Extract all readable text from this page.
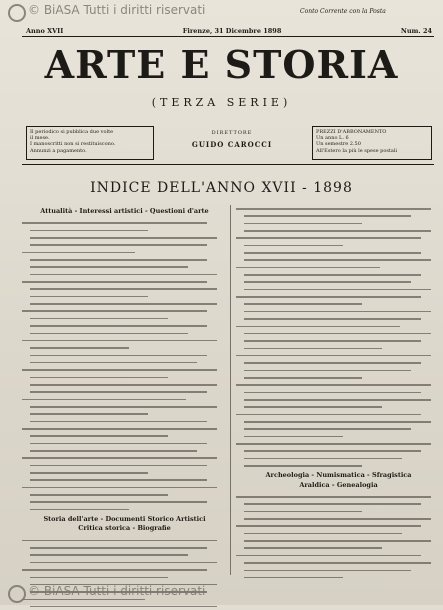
© BiASA Tutti i diritti riservati	Conto Corrente con la Posta
Anno XVII	Firenze, 31 Dicembre 1898	Num. 24
ARTE E STORIA
(TERZA SERIE)
Il periodico si pubblica due volte
il mese.
I manoscritti non si restituiscono.
Annunzi a pagamento.
DIRETTORE
GUIDO CAROCCI
PREZZI D'ABBONAMENTO
Un anno L. 6
Un semestre 2.50
All'Estero la più le spese postali
INDICE DELL'ANNO XVII - 1898
Attualità - Interessi artistici - Questioni d'arte
Storia dell'arte - Documenti Storico Artistici
Critica storica - Biografie
Archeologia - Numismatica - Sfragistica
Araldica - Genealogia
© BiASA Tutti i diritti riservati
